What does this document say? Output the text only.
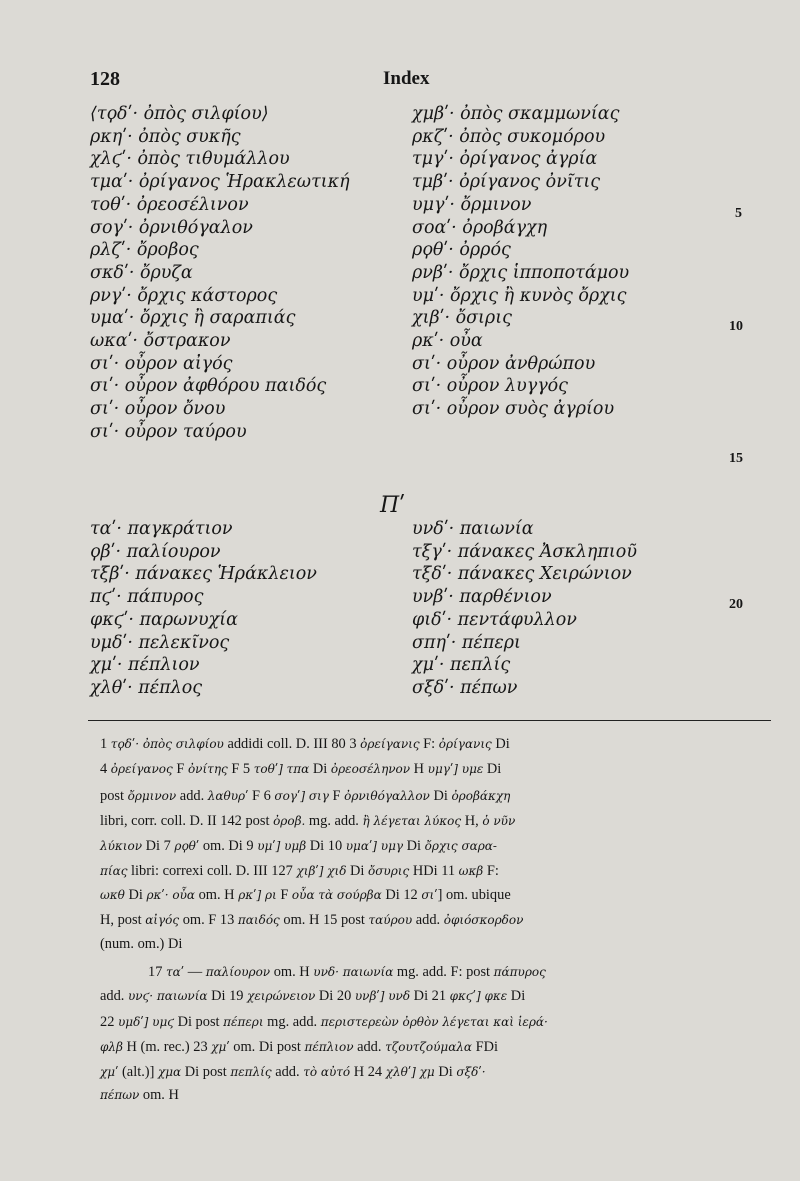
128	Index
⟨τϙδʹ· ὀπὸς σιλφίου⟩
ρκηʹ· ὀπὸς συκῆς
χλϛʹ· ὀπὸς τιθυμάλλου
τμαʹ· ὀρίγανος Ἡρακλεωτική
τοθʹ· ὀρεοσέλινον
σογʹ· ὀρνιθόγαλον
ρλζʹ· ὄροβος
σκδʹ· ὄρυζα
ρνγʹ· ὄρχις κάστορος
υμαʹ· ὄρχις ἢ σαραπιάς
ωκαʹ· ὄστρακον
σιʹ· οὖρον αἰγός
σιʹ· οὖρον ἀφθόρου παιδός
σιʹ· οὖρον ὄνου
σιʹ· οὖρον ταύρου
χμβʹ· ὀπὸς σκαμμωνίας
ρκζʹ· ὀπὸς συκομόρου
τμγʹ· ὀρίγανος ἀγρία
τμβʹ· ὀρίγανος ὀνῖτις
υμγʹ· ὄρμινον
σοαʹ· ὀροβάγχη
ρϙθʹ· ὀρρός
ρνβʹ· ὄρχις ἱπποποτάμου
υμʹ· ὄρχις ἢ κυνὸς ὄρχις
χιβʹ· ὄσιρις
ρκʹ· οὖα
σιʹ· οὖρον ἀνθρώπου
σιʹ· οὖρον λυγγός
σιʹ· οὖρον συὸς ἀγρίου
Πʹ
ταʹ· παγκράτιον
ϙβʹ· παλίουρον
τξβʹ· πάνακες Ἡράκλειον
πϛʹ· πάπυρος
φκϛʹ· παρωνυχία
υμδʹ· πελεκῖνος
χμʹ· πέπλιον
χλθʹ· πέπλος
υνδʹ· παιωνία
τξγʹ· πάνακες Ἀσκληπιοῦ
τξδʹ· πάνακες Χειρώνιον
υνβʹ· παρθένιον
φιδʹ· πεντάφυλλον
σπηʹ· πέπερι
χμʹ· πεπλίς
σξδʹ· πέπων
5
10
15
20
1 τϙδʹ· ὀπὸς σιλφίου addidi coll. D. III 80 3 ὀρείγανις F: ὀρίγανις Di
4 ὀρείγανος F ὀνίτης F 5 τοθʹ] τπα Di ὀρεοσέληνον H υμγʹ] υμε Di
post ὄρμινον add. λαθυρʹ F 6 σογʹ] σιγ F ὀρνιθόγαλλον Di ὀροβάκχη
libri, corr. coll. D. II 142 post ὀροβ. mg. add. ἢ λέγεται λύκος H, ὁ νῦν
λύκιον Di 7 ρϙθʹ om. Di 9 υμʹ] υμβ Di 10 υμαʹ] υμγ Di ὄρχις σαρα-
πίας libri: correxi coll. D. III 127 χιβʹ] χιδ Di ὄσυρις HDi 11 ωκβ F:
ωκθ Di ρκʹ· οὖα om. H ρκʹ] ρι F οὖα τὰ σούρβα Di 12 σιʹ] om. ubique
H, post αἰγός om. F 13 παιδός om. H 15 post ταύρου add. ὀφιόσκορδον
(num. om.) Di
17 ταʹ — παλίουρον om. H υνδ· παιωνία mg. add. F: post πάπυρος
add. υνϛ· παιωνία Di 19 χειρώνειον Di 20 υνβʹ] υνδ Di 21 φκϛʹ] φκε Di
22 υμδʹ] υμϛ Di post πέπερι mg. add. περιστερεὼν ὀρθὸν λέγεται καὶ ἱερά·
φλβ H (m. rec.) 23 χμʹ om. Di post πέπλιον add. τζουτζούμαλα FDi
χμʹ (alt.)] χμα Di post πεπλίς add. τὸ αὐτό H 24 χλθʹ] χμ Di σξδʹ·
πέπων om. H
